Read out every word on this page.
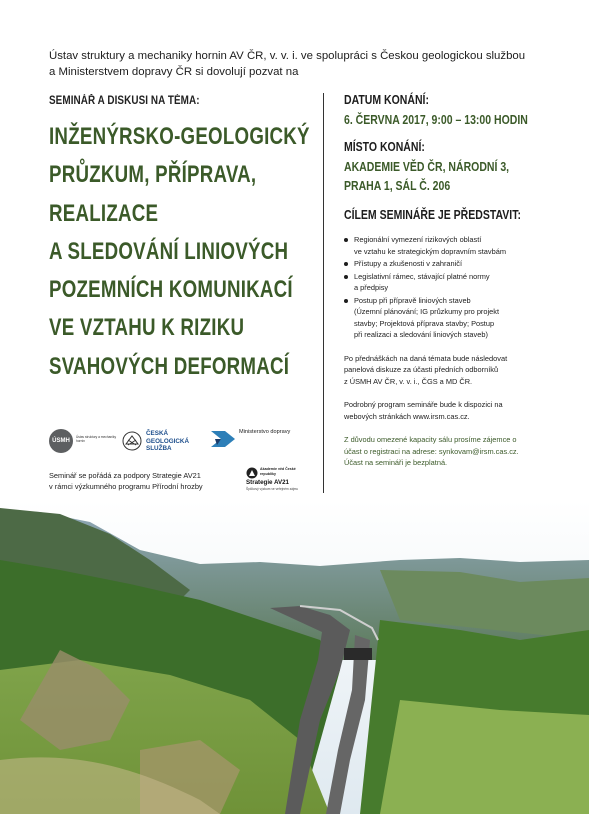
Ústav struktury a mechaniky hornin AV ČR, v. v. i. ve spolupráci s Českou geologickou službou
a Ministerstvem dopravy ČR si dovolují pozvat na
SEMINÁŘ A DISKUSI NA TÉMA:
INŽENÝRSKO-GEOLOGICKÝ
PRŮZKUM, PŘÍPRAVA,
REALIZACE
A SLEDOVÁNÍ LINIOVÝCH
POZEMNÍCH KOMUNIKACÍ
VE VZTAHU K RIZIKU
SVAHOVÝCH DEFORMACÍ

DATUM KONÁNÍ:

6. ČERVNA 2017, 9:00 – 13:00 HODIN

MÍSTO KONÁNÍ:

AKADEMIE VĚD ČR, NÁRODNÍ 3,

PRAHA 1, SÁL Č. 206

CÍLEM SEMINÁŘE JE PŘEDSTAVIT:

Regionální vymezení rizikových oblastí
ve vztahu ke strategickým dopravním stavbám
Přístupy a zkušenosti v zahraničí
Legislativní rámec, stávající platné normy
a předpisy
Postup při přípravě liniových staveb
(Územní plánování; IG průzkumy pro projekt
stavby; Projektová příprava stavby; Postup
při realizaci a sledování liniových staveb)

Po přednáškách na daná témata bude následovat
panelová diskuze za účasti předních odborníků
z ÚSMH AV ČR, v. v. i., ČGS a MD ČR.

Podrobný program semináře bude k dispozici na
webových stránkách www.irsm.cas.cz.

Z důvodu omezené kapacity sálu prosíme zájemce o
účast o registraci na adrese: synkovam@irsm.cas.cz.
Účast na semináři je bezplatná.

ÚSMH
Ústav struktury a mechaniky hornin
ČESKÁ
GEOLOGICKÁ
SLUŽBA
Ministerstvo dopravy
Seminář se pořádá za podpory Strategie AV21
v rámci výzkumného programu Přírodní hrozby
Akademie věd České republiky
Strategie AV21
Špičkový výzkum ve veřejném zájmu
